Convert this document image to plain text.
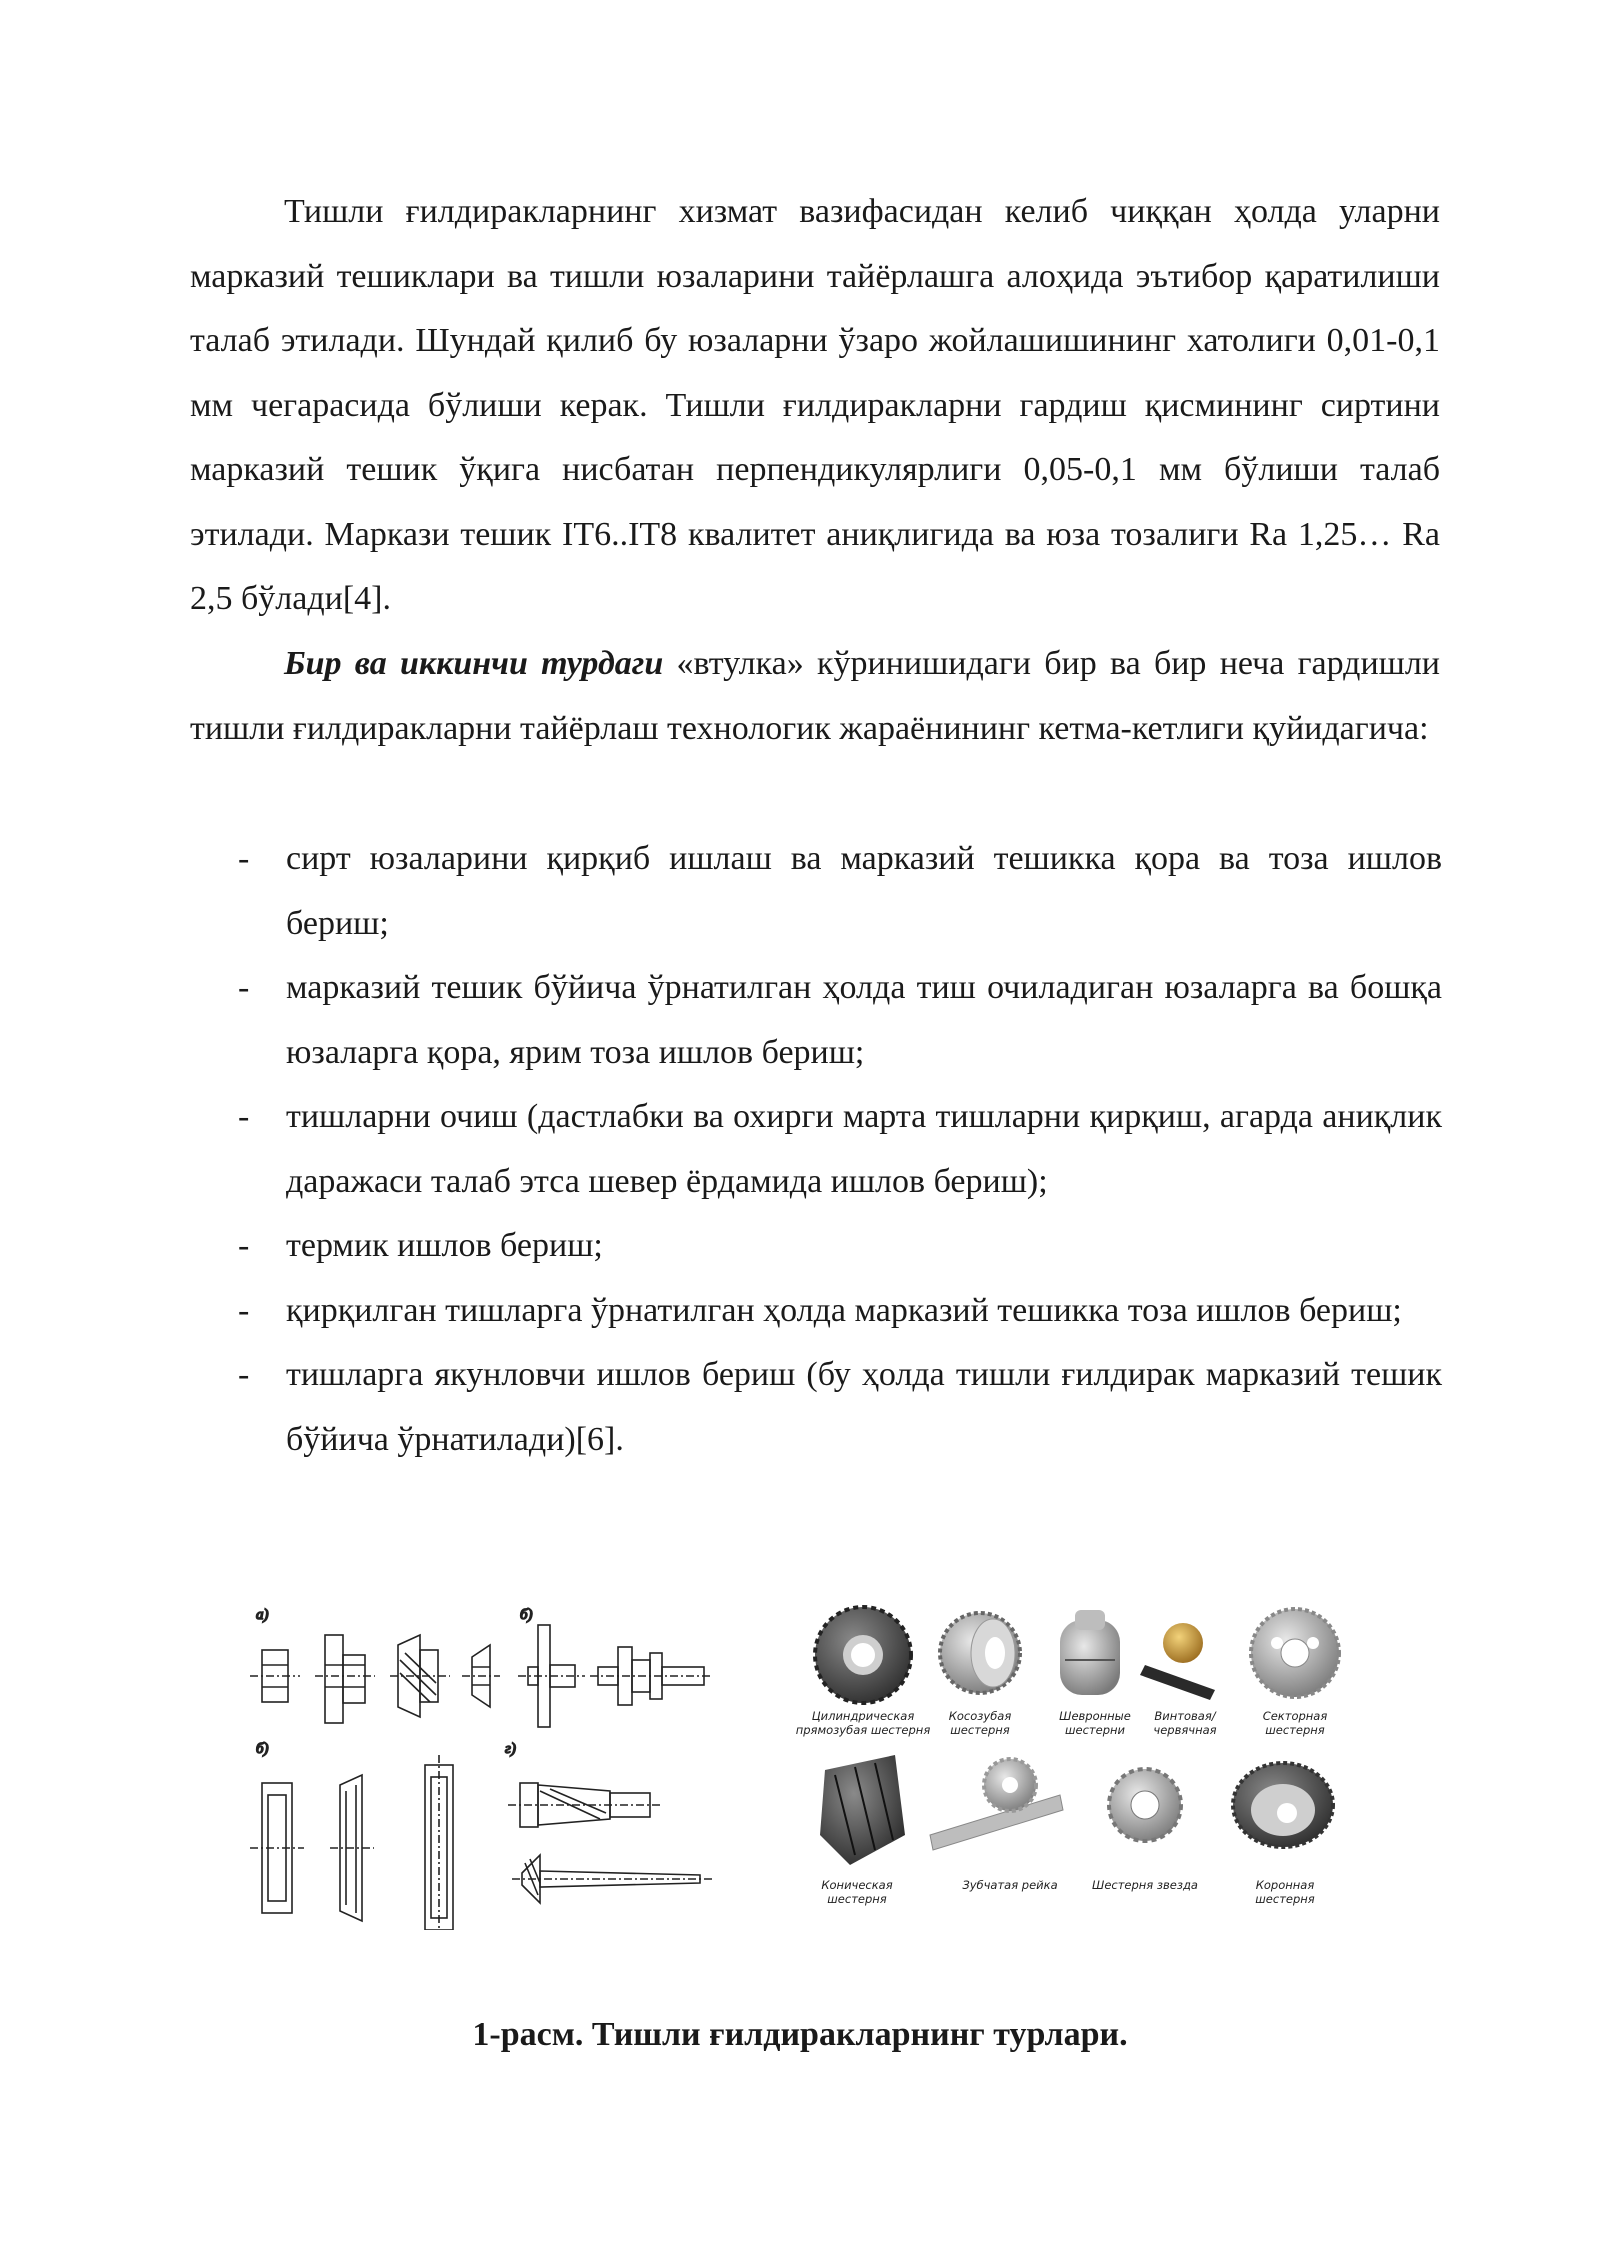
Тишли ғилдиракларнинг хизмат вазифасидан келиб чиққан ҳолда уларни марказий тешиклари ва тишли юзаларини тайёрлашга алоҳида эътибор қаратилиши талаб этилади. Шундай қилиб бу юзаларни ўзаро жойлашишининг хатолиги 0,01-0,1 мм чегарасида бўлиши керак. Тишли ғилдиракларни гардиш қисмининг сиртини марказий тешик ўқига нисбатан перпендикулярлиги 0,05-0,1 мм бўлиши талаб этилади. Маркази тешик IT6..IT8 квалитет аниқлигида ва юза тозалиги Ra 1,25… Ra 2,5 бўлади[4].

Бир ва иккинчи турдаги «втулка» кўринишидаги бир ва бир неча гардишли тишли ғилдиракларни тайёрлаш технологик жараёнининг кетма-кетлиги қуйидагича:

- сирт юзаларини қирқиб ишлаш ва марказий тешикка қора ва тоза ишлов бериш;
- марказий тешик бўйича ўрнатилган ҳолда тиш очиладиган юзаларга ва бошқа юзаларга қора, ярим тоза ишлов бериш;
- тишларни очиш (дастлабки ва охирги марта тишларни қирқиш, агарда аниқлик даражаси талаб этса шевер ёрдамида ишлов бериш);
- термик ишлов бериш;
- қирқилган тишларга ўрнатилган ҳолда марказий тешикка тоза ишлов бериш;
- тишларга якунловчи ишлов бериш (бу ҳолда тишли ғилдирак марказий тешик бўйича ўрнатилади)[6].
а)	б)
б)	г)
Цилиндрическая
прямозубая шестерня
Косозубая
шестерня
Шевронные
шестерни
Винтовая/
червячная
Секторная
шестерня
Коническая
шестерня
Зубчатая рейка	Шестерня звезда	Коронная
шестерня
1-расм. Тишли ғилдиракларнинг турлари.
